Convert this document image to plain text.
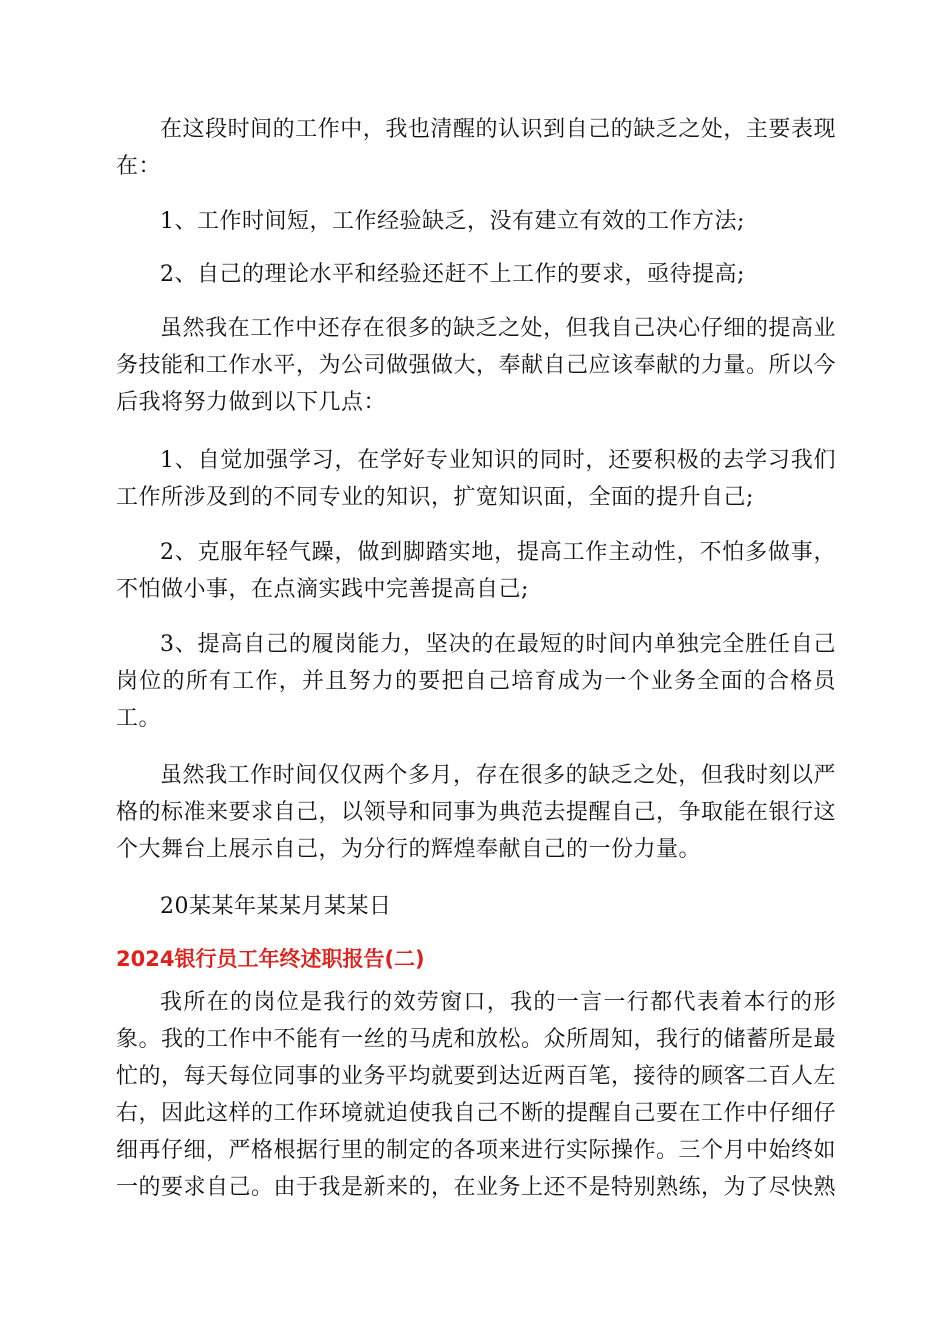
在这段时间的工作中，我也清醒的认识到自己的缺乏之处，主要表现在：

1、工作时间短，工作经验缺乏，没有建立有效的工作方法;

2、自己的理论水平和经验还赶不上工作的要求，亟待提高;

虽然我在工作中还存在很多的缺乏之处，但我自己决心仔细的提高业务技能和工作水平，为公司做强做大，奉献自己应该奉献的力量。所以今后我将努力做到以下几点：

1、自觉加强学习，在学好专业知识的同时，还要积极的去学习我们工作所涉及到的不同专业的知识，扩宽知识面，全面的提升自己;

2、克服年轻气躁，做到脚踏实地，提高工作主动性，不怕多做事，不怕做小事，在点滴实践中完善提高自己;

3、提高自己的履岗能力，坚决的在最短的时间内单独完全胜任自己岗位的所有工作，并且努力的要把自己培育成为一个业务全面的合格员工。

虽然我工作时间仅仅两个多月，存在很多的缺乏之处，但我时刻以严格的标准来要求自己，以领导和同事为典范去提醒自己，争取能在银行这个大舞台上展示自己，为分行的辉煌奉献自己的一份力量。

20某某年某某月某某日

2024银行员工年终述职报告(二)

我所在的岗位是我行的效劳窗口，我的一言一行都代表着本行的形象。我的工作中不能有一丝的马虎和放松。众所周知，我行的储蓄所是最忙的，每天每位同事的业务平均就要到达近两百笔，接待的顾客二百人左右，因此这样的工作环境就迫使我自己不断的提醒自己要在工作中仔细仔细再仔细，严格根据行里的制定的各项来进行实际操作。三个月中始终如一的要求自己。由于我是新来的，在业务上还不是特别熟练，为了尽快熟
